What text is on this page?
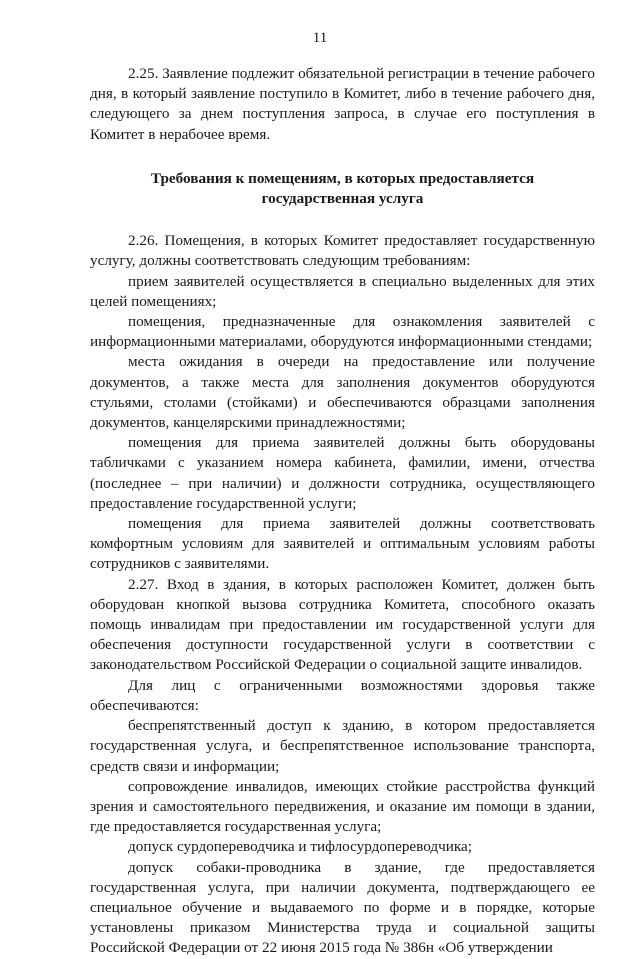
11

2.25. Заявление подлежит обязательной регистрации в течение рабочего дня, в который заявление поступило в Комитет, либо в течение рабочего дня, следующего за днем поступления запроса, в случае его поступления в Комитет в нерабочее время.

Требования к помещениям, в которых предоставляется
государственная услуга

2.26. Помещения, в которых Комитет предоставляет государственную услугу, должны соответствовать следующим требованиям:

прием заявителей осуществляется в специально выделенных для этих целей помещениях;

помещения, предназначенные для ознакомления заявителей с информационными материалами, оборудуются информационными стендами;

места ожидания в очереди на предоставление или получение документов, а также места для заполнения документов оборудуются стульями, столами (стойками) и обеспечиваются образцами заполнения документов, канцелярскими принадлежностями;

помещения для приема заявителей должны быть оборудованы табличками с указанием номера кабинета, фамилии, имени, отчества (последнее – при наличии) и должности сотрудника, осуществляющего предоставление государственной услуги;

помещения для приема заявителей должны соответствовать комфортным условиям для заявителей и оптимальным условиям работы сотрудников с заявителями.

2.27. Вход в здания, в которых расположен Комитет, должен быть оборудован кнопкой вызова сотрудника Комитета, способного оказать помощь инвалидам при предоставлении им государственной услуги для обеспечения доступности государственной услуги в соответствии с законодательством Российской Федерации о социальной защите инвалидов.

Для лиц с ограниченными возможностями здоровья также обеспечиваются:

беспрепятственный доступ к зданию, в котором предоставляется государственная услуга, и беспрепятственное использование транспорта, средств связи и информации;

сопровождение инвалидов, имеющих стойкие расстройства функций зрения и самостоятельного передвижения, и оказание им помощи в здании, где предоставляется государственная услуга;

допуск сурдопереводчика и тифлосурдопереводчика;

допуск собаки-проводника в здание, где предоставляется государственная услуга, при наличии документа, подтверждающего ее специальное обучение и выдаваемого по форме и в порядке, которые установлены приказом Министерства труда и социальной защиты Российской Федерации от 22 июня 2015 года № 386н «Об утверждении
